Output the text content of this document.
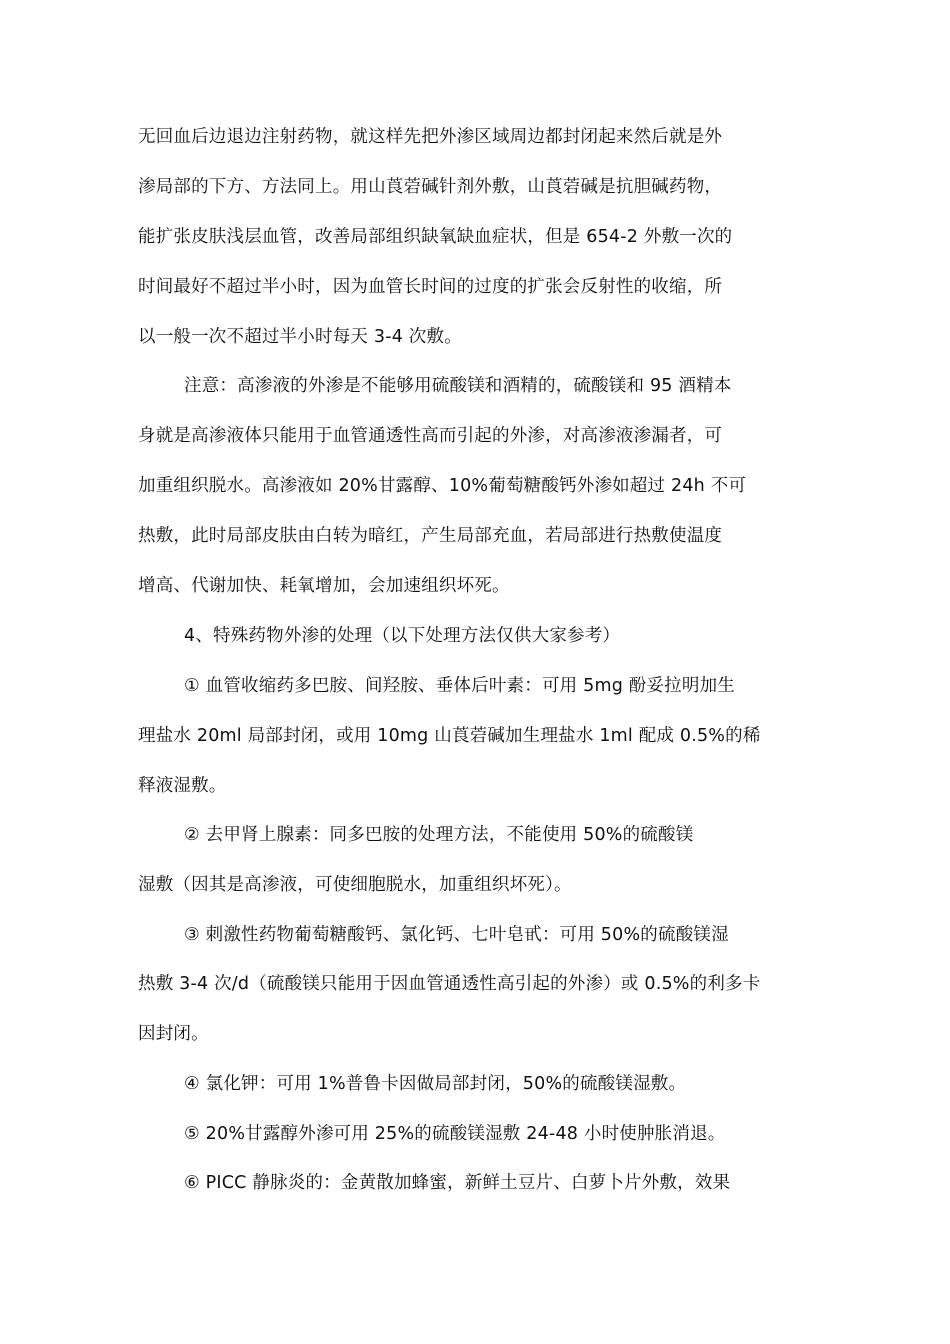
无回血后边退边注射药物，就这样先把外渗区域周边都封闭起来然后就是外
渗局部的下方、方法同上。用山莨菪碱针剂外敷，山莨菪碱是抗胆碱药物，
能扩张皮肤浅层血管，改善局部组织缺氧缺血症状，但是 654-2 外敷一次的
时间最好不超过半小时，因为血管长时间的过度的扩张会反射性的收缩，所
以一般一次不超过半小时每天 3-4 次敷。
注意：高渗液的外渗是不能够用硫酸镁和酒精的，硫酸镁和 95 酒精本
身就是高渗液体只能用于血管通透性高而引起的外渗，对高渗液渗漏者，可
加重组织脱水。高渗液如 20%甘露醇、10%葡萄糖酸钙外渗如超过 24h 不可
热敷，此时局部皮肤由白转为暗红，产生局部充血，若局部进行热敷使温度
增高、代谢加快、耗氧增加，会加速组织坏死。
4、特殊药物外渗的处理（以下处理方法仅供大家参考）
① 血管收缩药多巴胺、间羟胺、垂体后叶素：可用 5mg 酚妥拉明加生
理盐水 20ml 局部封闭，或用 10mg 山莨菪碱加生理盐水 1ml 配成 0.5%的稀
释液湿敷。
② 去甲肾上腺素：同多巴胺的处理方法，不能使用 50%的硫酸镁
湿敷（因其是高渗液，可使细胞脱水，加重组织坏死）。
③ 刺激性药物葡萄糖酸钙、氯化钙、七叶皂甙：可用 50%的硫酸镁湿
热敷 3-4 次/d（硫酸镁只能用于因血管通透性高引起的外渗）或 0.5%的利多卡
因封闭。
④ 氯化钾：可用 1%普鲁卡因做局部封闭，50%的硫酸镁湿敷。
⑤ 20%甘露醇外渗可用 25%的硫酸镁湿敷 24-48 小时使肿胀消退。
⑥ PICC 静脉炎的：金黄散加蜂蜜，新鲜土豆片、白萝卜片外敷，效果
